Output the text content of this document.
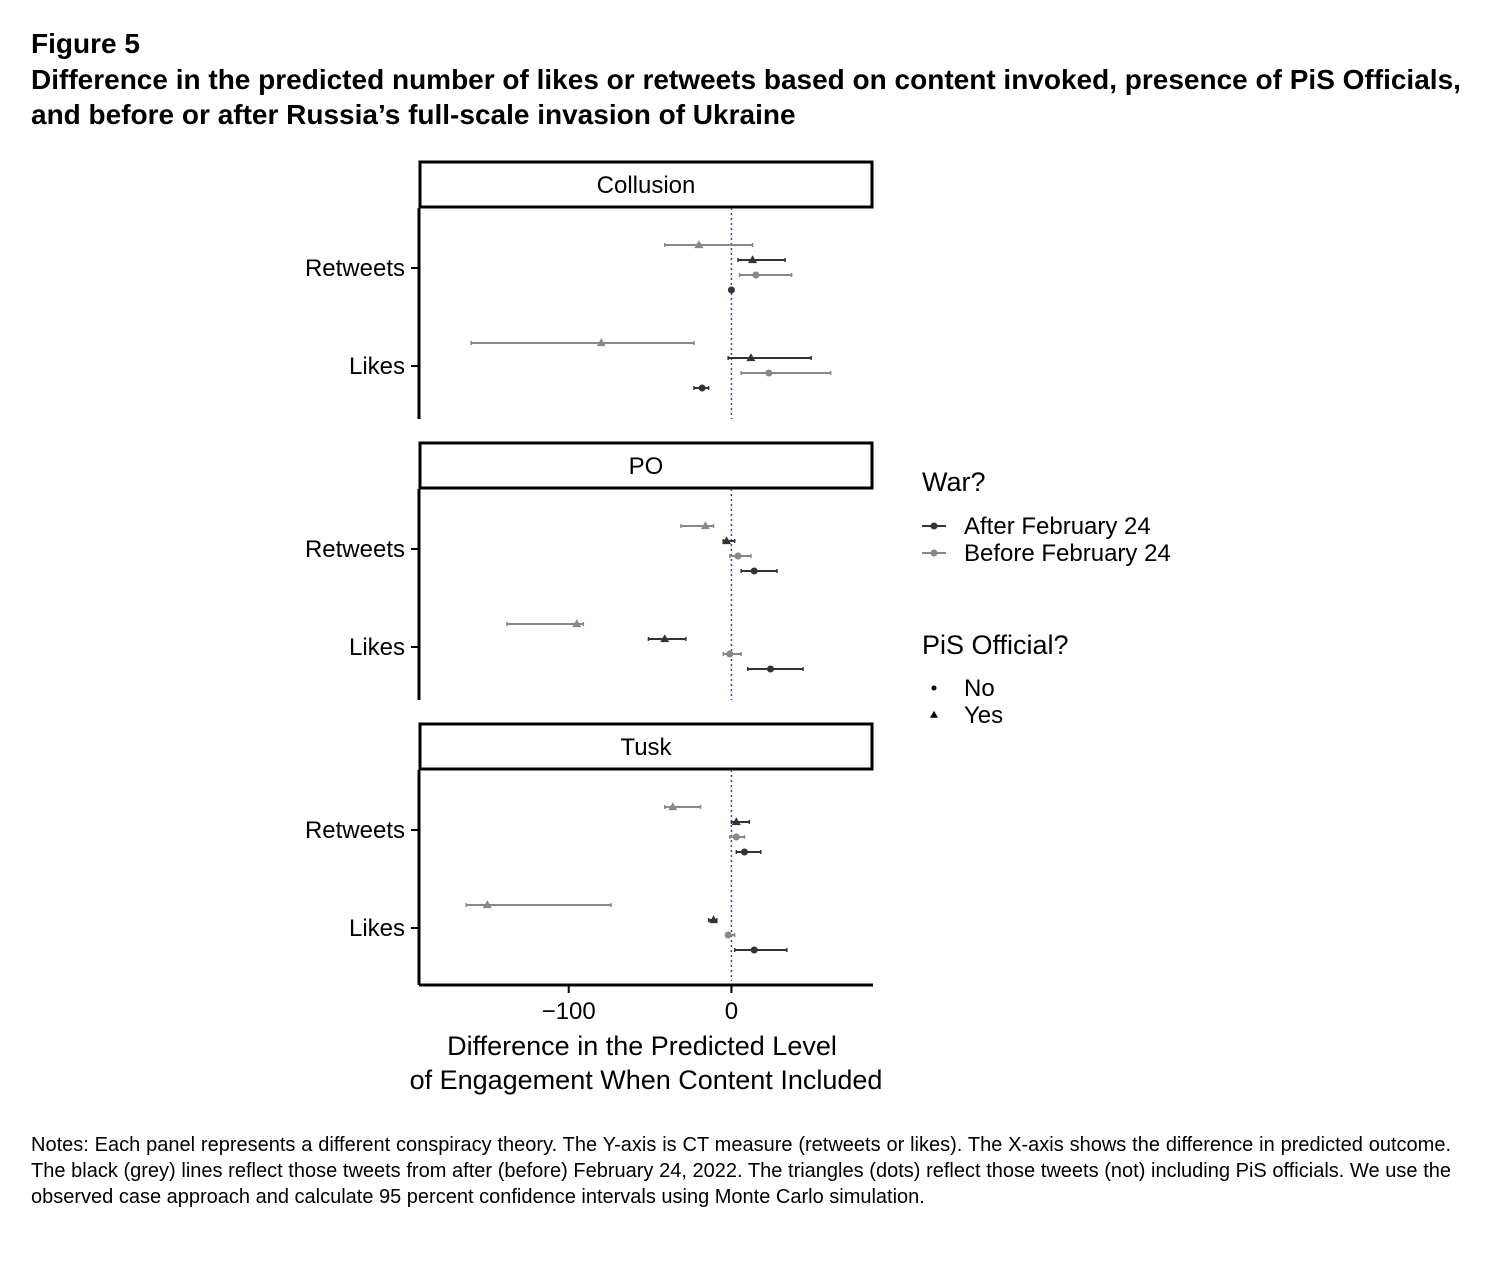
Figure 5
Difference in the predicted number of likes or retweets based on content invoked, presence of PiS Officials, and before or after Russia’s full-scale invasion of Ukraine
Collusion
Retweets
Likes
PO
Retweets
Likes
Tusk
Retweets
Likes
−100	0
Difference in the Predicted Level
of Engagement When Content Included
War?
After February 24
Before February 24
PiS Official?
No
Yes
Notes: Each panel represents a different conspiracy theory. The Y-axis is CT measure (retweets or likes). The X-axis shows the difference in predicted outcome. The black (grey) lines reflect those tweets from after (before) February 24, 2022. The triangles (dots) reflect those tweets (not) including PiS officials. We use the observed case approach and calculate 95 percent confidence intervals using Monte Carlo simulation.
